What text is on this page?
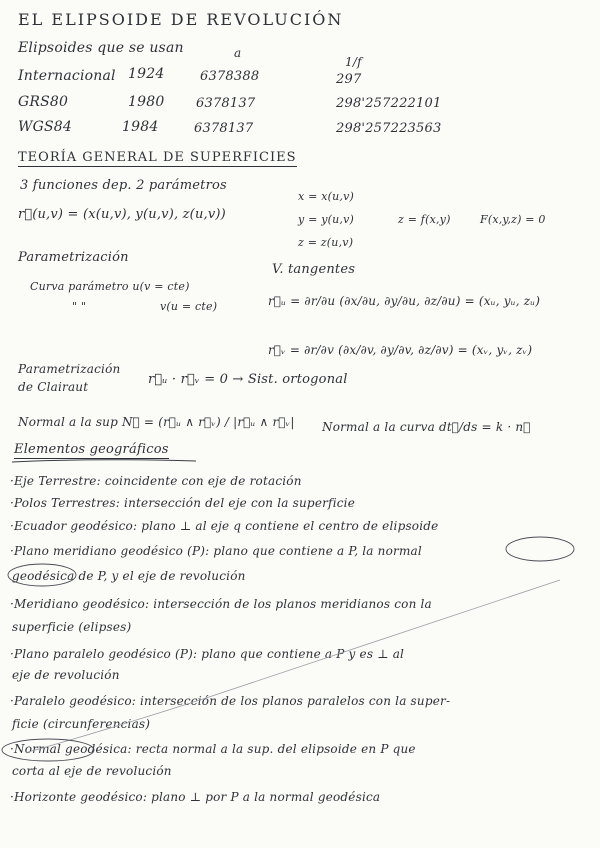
EL ELIPSOIDE DE REVOLUCIÓN
Elipsoides que se usan	a
1/f
Internacional 1924	6378388	297
GRS80	1980 6378137	298'257222101
WGS84	1984	6378137	298'257223563
TEORÍA GENERAL DE SUPERFICIES
3 funciones dep. 2 parámetros
r⃗(u,v) = (x(u,v), y(u,v), z(u,v))
x = x(u,v)
y = y(u,v)
z = z(u,v)
z = f(x,y)	F(x,y,z) = 0
Parametrización
V. tangentes
Curva parámetro u(v = cte)
" "	v(u = cte)	r⃗ᵤ = ∂r/∂u (∂x/∂u, ∂y/∂u, ∂z/∂u) = (xᵤ, yᵤ, zᵤ)
r⃗ᵥ = ∂r/∂v (∂x/∂v, ∂y/∂v, ∂z/∂v) = (xᵥ, yᵥ, zᵥ)
Parametrización
de Clairaut	r⃗ᵤ · r⃗ᵥ = 0 → Sist. ortogonal
Normal a la sup N⃗ = (r⃗ᵤ ∧ r⃗ᵥ) / |r⃗ᵤ ∧ r⃗ᵥ| Normal a la curva dt⃗/ds = k · n⃗
Elementos geográficos
·Eje Terrestre: coincidente con eje de rotación
·Polos Terrestres: intersección del eje con la superficie
·Ecuador geodésico: plano ⊥ al eje q contiene el centro de elipsoide
·Plano meridiano geodésico (P): plano que contiene a P, la normal
geodésica de P, y el eje de revolución
·Meridiano geodésico: intersección de los planos meridianos con la
superficie (elipses)
·Plano paralelo geodésico (P): plano que contiene a P y es ⊥ al
eje de revolución
·Paralelo geodésico: intersección de los planos paralelos con la super-
ficie (circunferencias)
·Normal geodésica: recta normal a la sup. del elipsoide en P que
corta al eje de revolución
·Horizonte geodésico: plano ⊥ por P a la normal geodésica
